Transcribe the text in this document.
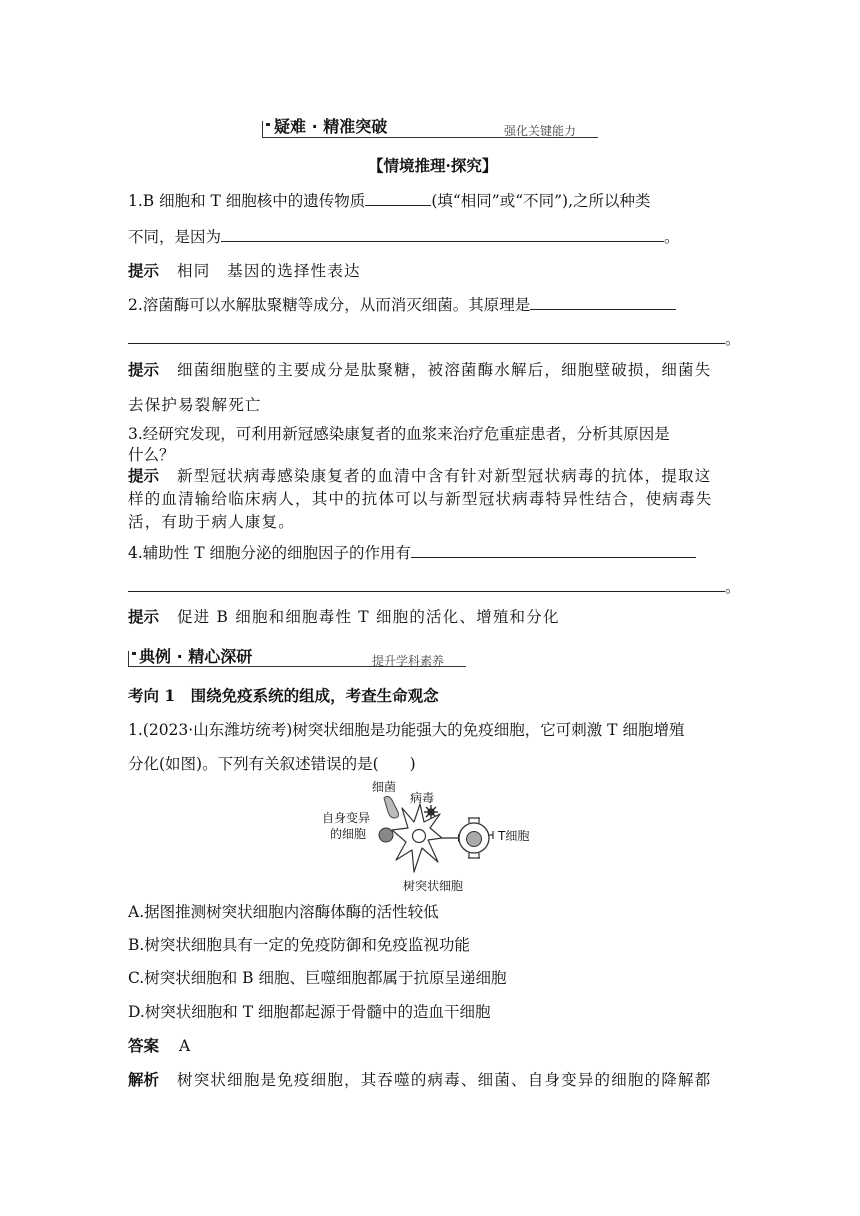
疑难 · 精准突破	强化关键能力
【情境推理·探究】
1.B 细胞和 T 细胞核中的遗传物质	(填“相同”或“不同”),之所以种类
不同，是因为	。
提示 相同　基因的选择性表达
2.溶菌酶可以水解肽聚糖等成分，从而消灭细菌。其原理是
。
提示 细菌细胞壁的主要成分是肽聚糖，被溶菌酶水解后，细胞壁破损，细菌失
去保护易裂解死亡
3.经研究发现，可利用新冠感染康复者的血浆来治疗危重症患者，分析其原因是
什么？
提示 新型冠状病毒感染康复者的血清中含有针对新型冠状病毒的抗体，提取这
样的血清输给临床病人，其中的抗体可以与新型冠状病毒特异性结合，使病毒失
活，有助于病人康复。
4.辅助性 T 细胞分泌的细胞因子的作用有
。
提示 促进 B 细胞和细胞毒性 T 细胞的活化、增殖和分化
典例 · 精心深研	提升学科素养
考向 1　围绕免疫系统的组成，考查生命观念
1.(2023·山东潍坊统考)树突状细胞是功能强大的免疫细胞，它可刺激 T 细胞增殖
分化(如图)。下列有关叙述错误的是(　　)
细菌
病毒
自身变异
的细胞	T细胞
树突状细胞
A.据图推测树突状细胞内溶酶体酶的活性较低
B.树突状细胞具有一定的免疫防御和免疫监视功能
C.树突状细胞和 B 细胞、巨噬细胞都属于抗原呈递细胞
D.树突状细胞和 T 细胞都起源于骨髓中的造血干细胞
答案 A
解析 树突状细胞是免疫细胞，其吞噬的病毒、细菌、自身变异的细胞的降解都
